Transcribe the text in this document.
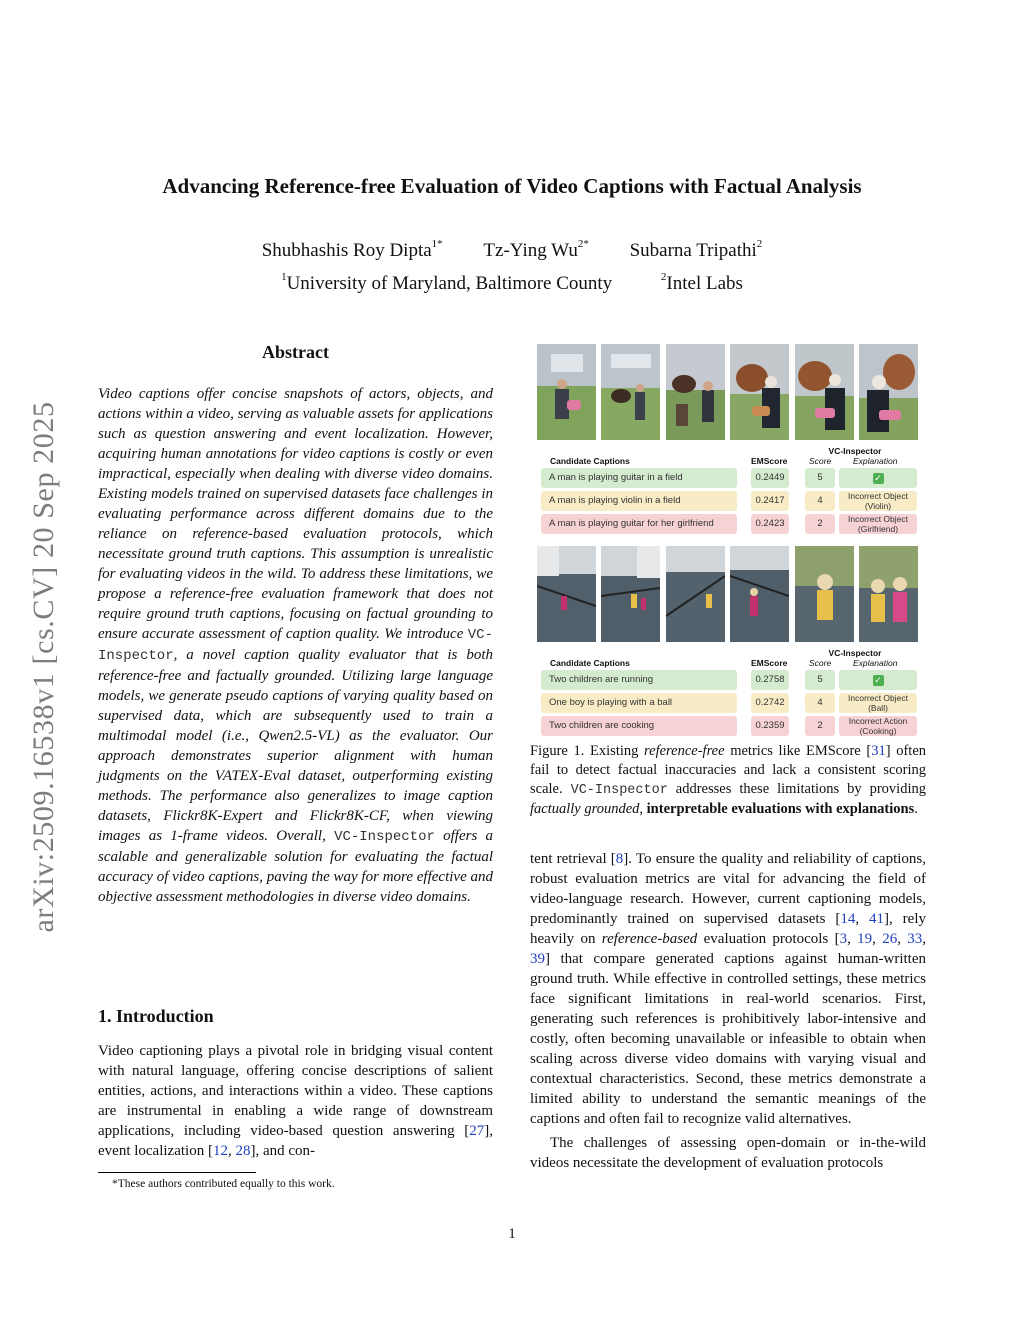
arXiv:2509.16538v1 [cs.CV] 20 Sep 2025
Advancing Reference-free Evaluation of Video Captions with Factual Analysis
Shubhashis Roy Dipta$^{1*}$ Tz-Ying $Wu^{2*}$ Subarna Tripathi$^2$
$^1$University of Maryland, Baltimore County	$^2$Intel Labs
Abstract
Video captions offer concise snapshots of actors, objects, and actions within a video, serving as valuable assets for applications such as question answering and event localization. However, acquiring human annotations for video captions is costly or even impractical, especially when dealing with diverse video domains. Existing models trained on supervised datasets face challenges in evaluating performance across different domains due to the reliance on reference-based evaluation protocols, which necessitate ground truth captions. This assumption is unrealistic for evaluating videos in the wild. To address these limitations, we propose a reference-free evaluation framework that does not require ground truth captions, focusing on factual grounding to ensure accurate assessment of caption quality. We introduce VC-Inspector, a novel caption quality evaluator that is both reference-free and factually grounded. Utilizing large language models, we generate pseudo captions of varying quality based on supervised data, which are subsequently used to train a multimodal model (i.e., Qwen2.5-VL) as the evaluator. Our approach demonstrates superior alignment with human judgments on the VATEX-Eval dataset, outperforming existing methods. The performance also generalizes to image caption datasets, Flickr8K-Expert and Flickr8K-CF, when viewing images as 1-frame videos. Overall, VC-Inspector offers a scalable and generalizable solution for evaluating the factual accuracy of video captions, paving the way for more effective and objective assessment methodologies in diverse video domains.
1. Introduction
Video captioning plays a pivotal role in bridging visual content with natural language, offering concise descriptions of salient entities, actions, and interactions within a video. These captions are instrumental in enabling a wide range of downstream applications, including video-based question answering [27], event localization [12, 28], and con-
*These authors contributed equally to this work.
1
VC-Inspector
Candidate Captions	EMScore	Score	Explanation
A man is playing guitar in a field	0.2449	5	✓
A man is playing violin in a field	0.2417	4	Incorrect Object (Violin)
A man is playing guitar for her girlfriend	0.2423	2	Incorrect Object (Girlfriend)
VC-Inspector
Candidate Captions	EMScore	Score	Explanation
Two children are running	0.2758	5	✓
One boy is playing with a ball	0.2742	4	Incorrect Object (Ball)
Two children are cooking	0.2359	2	Incorrect Action (Cooking)
Figure 1. Existing reference-free metrics like EMScore [31] often fail to detect factual inaccuracies and lack a consistent scoring scale. VC-Inspector addresses these limitations by providing factually grounded, interpretable evaluations with explanations.

tent retrieval [8]. To ensure the quality and reliability of captions, robust evaluation metrics are vital for advancing the field of video-language research. However, current captioning models, predominantly trained on supervised datasets [14, 41], rely heavily on reference-based evaluation protocols [3, 19, 26, 33, 39] that compare generated captions against human-written ground truth. While effective in controlled settings, these metrics face significant limitations in real-world scenarios. First, generating such references is prohibitively labor-intensive and costly, often becoming unavailable or infeasible to obtain when scaling across diverse video domains with varying visual and contextual characteristics. Second, these metrics demonstrate a limited ability to understand the semantic meanings of the captions and often fail to recognize valid alternatives.

The challenges of assessing open-domain or in-the-wild videos necessitate the development of evaluation protocols
